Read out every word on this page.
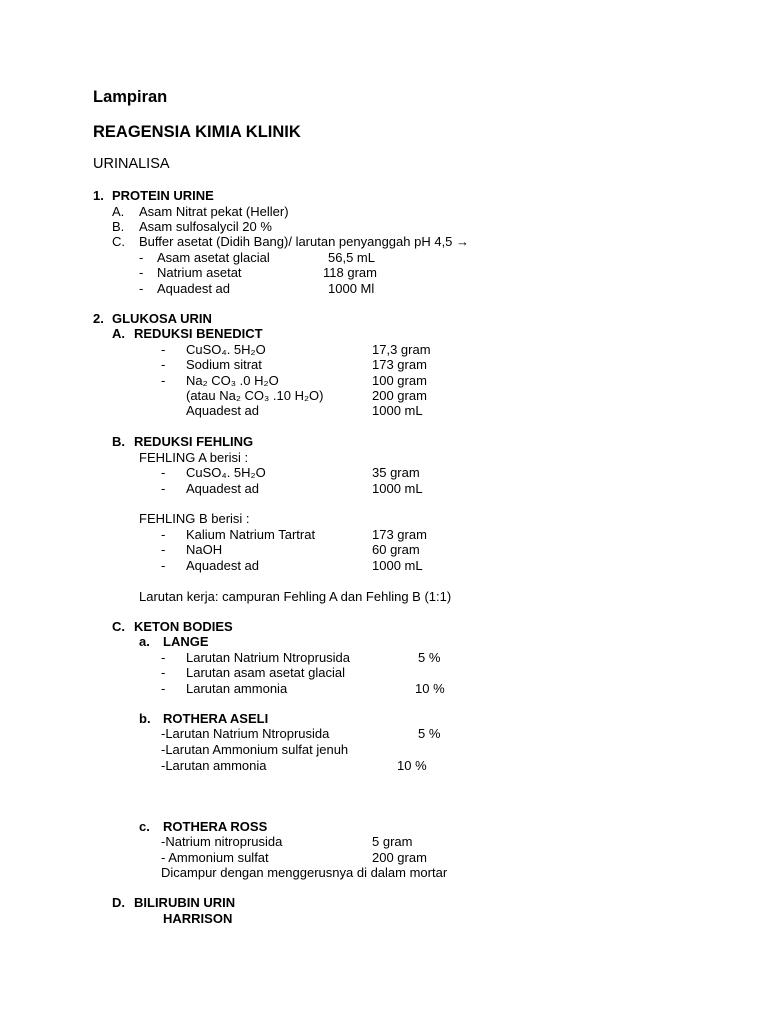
Lampiran
REAGENSIA KIMIA KLINIK
URINALISA
1. PROTEIN URINE
A. Asam Nitrat pekat (Heller)
B. Asam sulfosalycil 20 %
C. Buffer asetat (Didih Bang)/ larutan penyanggah pH 4,5 →
- Asam asetat glacial	56,5 mL
- Natrium asetat	118 gram
- Aquadest ad	1000 Ml
2. GLUKOSA URIN
A. REDUKSI BENEDICT
- CuSO₄. 5H₂O	17,3 gram
- Sodium sitrat	173 gram
- Na₂ CO₃ .0 H₂O	100 gram
(atau Na₂ CO₃ .10 H₂O)	200 gram
Aquadest ad	1000 mL
B. REDUKSI FEHLING
FEHLING A berisi :
- CuSO₄. 5H₂O	35 gram
- Aquadest ad	1000 mL
FEHLING B berisi :
- Kalium Natrium Tartrat	173 gram
- NaOH	60 gram
- Aquadest ad	1000 mL
Larutan kerja: campuran Fehling A dan Fehling B (1:1)
C. KETON BODIES
a. LANGE
- Larutan Natrium Ntroprusida	5 %
- Larutan asam asetat glacial
- Larutan ammonia	10 %
b. ROTHERA ASELI
-Larutan Natrium Ntroprusida	5 %
-Larutan Ammonium sulfat jenuh
-Larutan ammonia	10 %
c. ROTHERA ROSS
-Natrium nitroprusida	5 gram
- Ammonium sulfat	200 gram
Dicampur dengan menggerusnya di dalam mortar
D. BILIRUBIN URIN
HARRISON
